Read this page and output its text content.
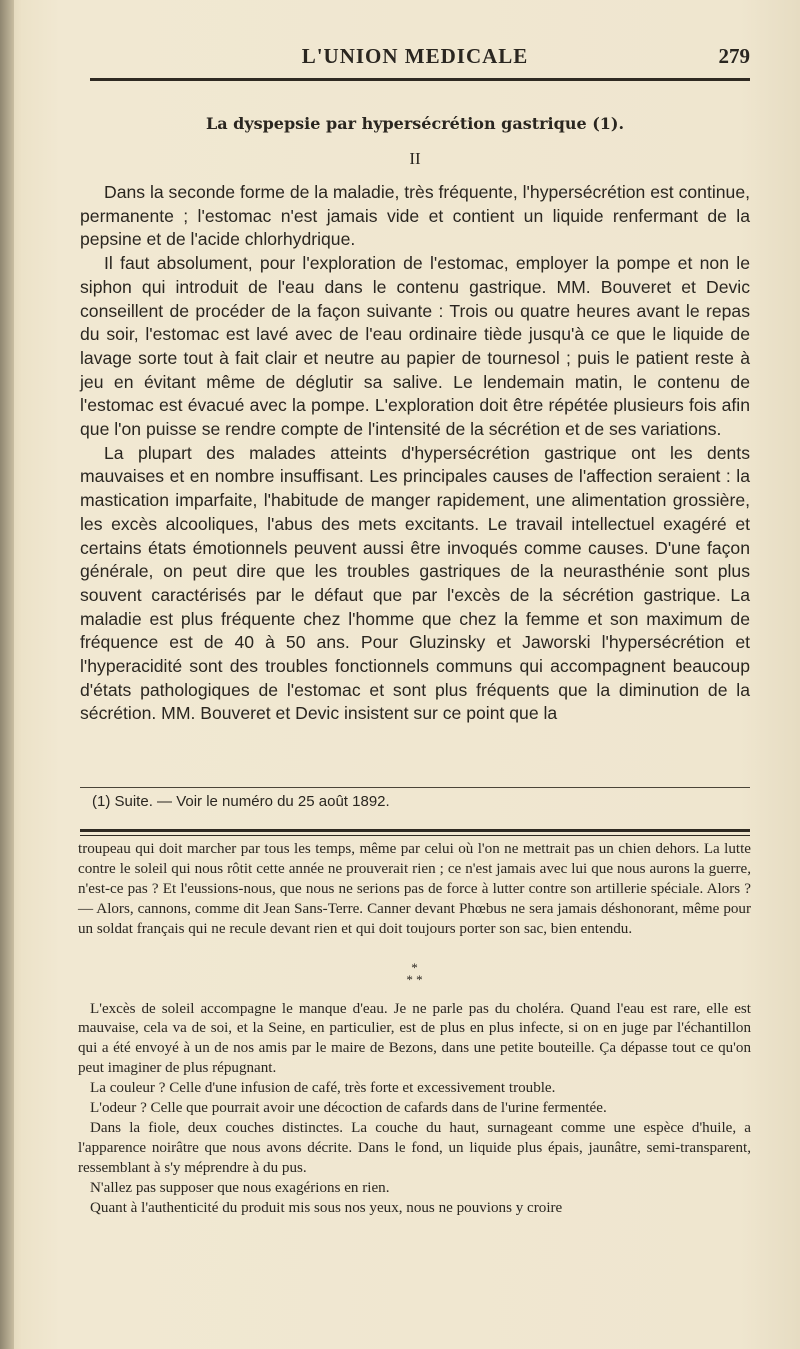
L'UNION MEDICALE	279
La dyspepsie par hypersécrétion gastrique (1).
II

Dans la seconde forme de la maladie, très fréquente, l'hypersécrétion est continue, permanente ; l'estomac n'est jamais vide et contient un liquide renfermant de la pepsine et de l'acide chlorhydrique.

Il faut absolument, pour l'exploration de l'estomac, employer la pompe et non le siphon qui introduit de l'eau dans le contenu gastrique. MM. Bouveret et Devic conseillent de procéder de la façon suivante : Trois ou quatre heures avant le repas du soir, l'estomac est lavé avec de l'eau ordinaire tiède jusqu'à ce que le liquide de lavage sorte tout à fait clair et neutre au papier de tournesol ; puis le patient reste à jeu en évitant même de déglutir sa salive. Le lendemain matin, le contenu de l'estomac est évacué avec la pompe. L'exploration doit être répétée plusieurs fois afin que l'on puisse se rendre compte de l'intensité de la sécrétion et de ses variations.

La plupart des malades atteints d'hypersécrétion gastrique ont les dents mauvaises et en nombre insuffisant. Les principales causes de l'affection seraient : la mastication imparfaite, l'habitude de manger rapidement, une alimentation grossière, les excès alcooliques, l'abus des mets excitants. Le travail intellectuel exagéré et certains états émotionnels peuvent aussi être invoqués comme causes. D'une façon générale, on peut dire que les troubles gastriques de la neurasthénie sont plus souvent caractérisés par le défaut que par l'excès de la sécrétion gastrique. La maladie est plus fréquente chez l'homme que chez la femme et son maximum de fréquence est de 40 à 50 ans. Pour Gluzinsky et Jaworski l'hypersécrétion et l'hyperacidité sont des troubles fonctionnels communs qui accompagnent beaucoup d'états pathologiques de l'estomac et sont plus fréquents que la diminution de la sécrétion. MM. Bouveret et Devic insistent sur ce point que la

(1) Suite. — Voir le numéro du 25 août 1892.

troupeau qui doit marcher par tous les temps, même par celui où l'on ne mettrait pas un chien dehors. La lutte contre le soleil qui nous rôtit cette année ne prouverait rien ; ce n'est jamais avec lui que nous aurons la guerre, n'est-ce pas ? Et l'eussions-nous, que nous ne serions pas de force à lutter contre son artillerie spéciale. Alors ? — Alors, cannons, comme dit Jean Sans-Terre. Canner devant Phœbus ne sera jamais déshonorant, même pour un soldat français qui ne recule devant rien et qui doit toujours porter son sac, bien entendu.

*
* *

L'excès de soleil accompagne le manque d'eau. Je ne parle pas du choléra. Quand l'eau est rare, elle est mauvaise, cela va de soi, et la Seine, en particulier, est de plus en plus infecte, si on en juge par l'échantillon qui a été envoyé à un de nos amis par le maire de Bezons, dans une petite bouteille. Ça dépasse tout ce qu'on peut imaginer de plus répugnant.

La couleur ? Celle d'une infusion de café, très forte et excessivement trouble.

L'odeur ? Celle que pourrait avoir une décoction de cafards dans de l'urine fermentée.

Dans la fiole, deux couches distinctes. La couche du haut, surnageant comme une espèce d'huile, a l'apparence noirâtre que nous avons décrite. Dans le fond, un liquide plus épais, jaunâtre, semi-transparent, ressemblant à s'y méprendre à du pus.

N'allez pas supposer que nous exagérions en rien.

Quant à l'authenticité du produit mis sous nos yeux, nous ne pouvions y croire
